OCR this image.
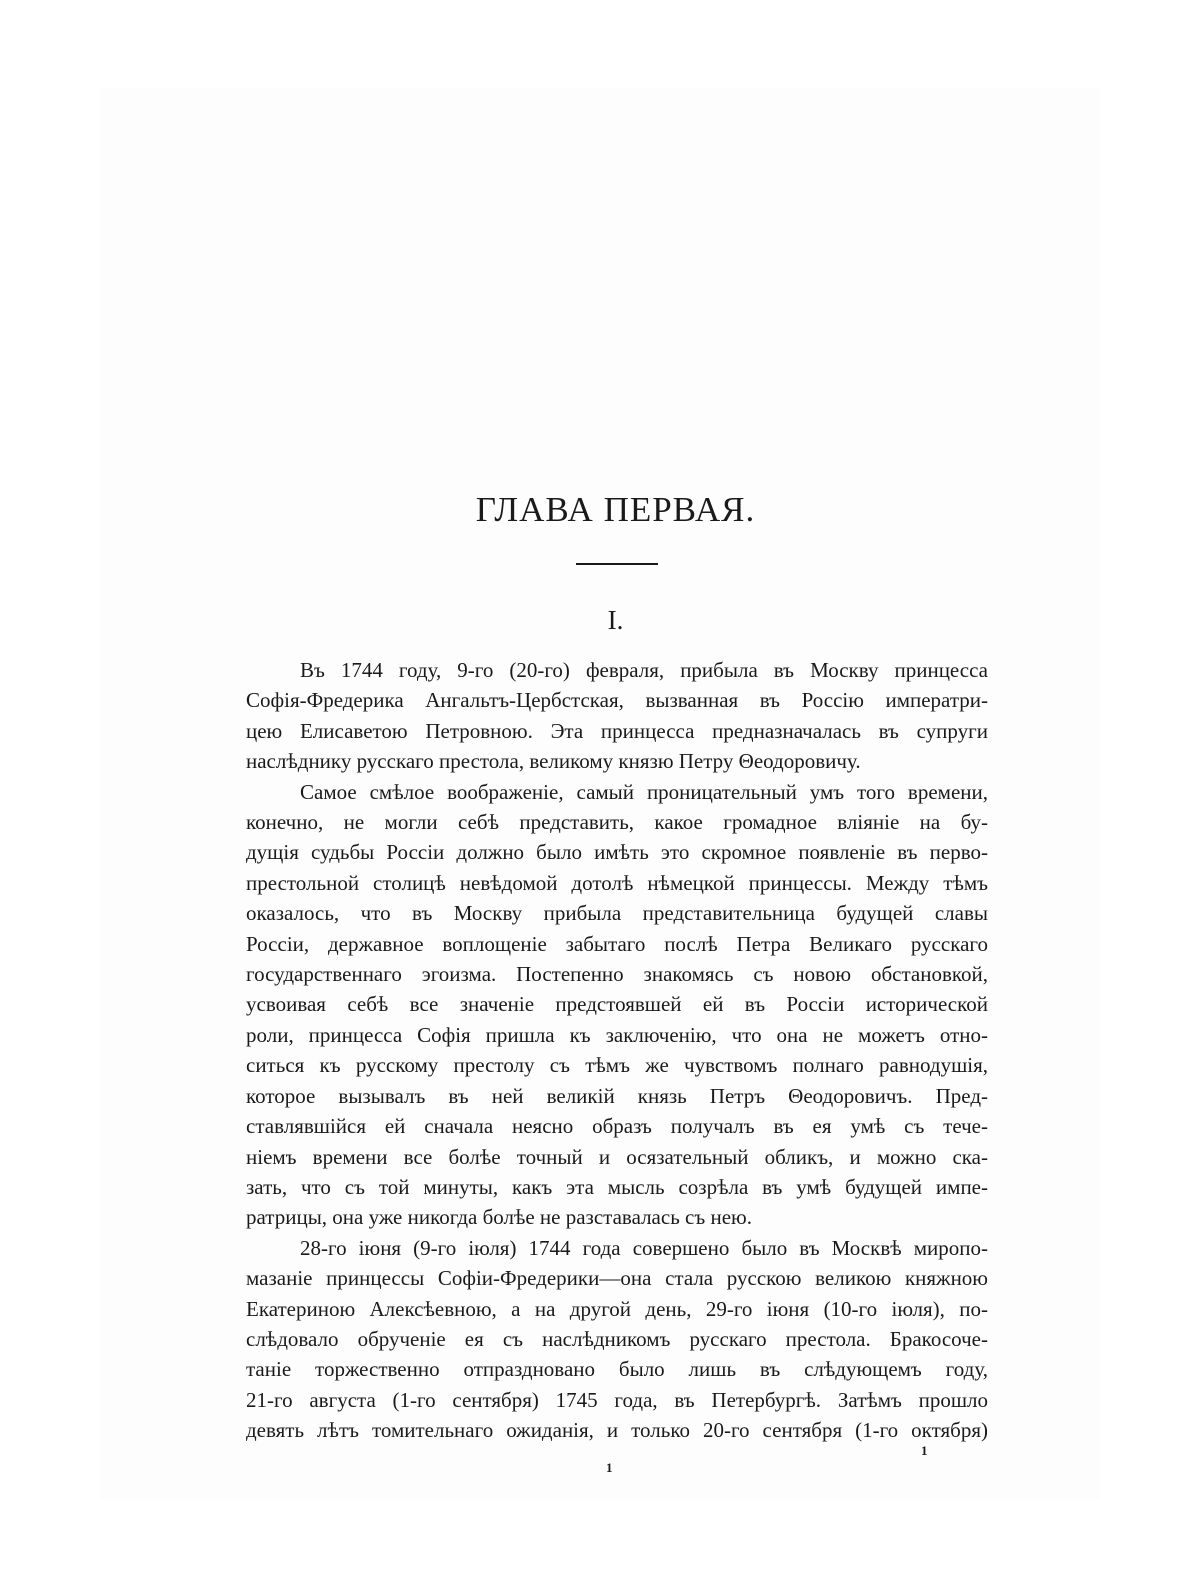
ГЛАВА ПЕРВАЯ.
I.

Въ 1744 году, 9-го (20-го) февраля, прибыла въ Москву принцесса
Софія-Фредерика Ангальтъ-Цербстская, вызванная въ Россію императри-
цею Елисаветою Петровною. Эта принцесса предназначалась въ супруги
наслѣднику русскаго престола, великому князю Петру Θеодоровичу.

Самое смѣлое воображеніе, самый проницательный умъ того времени,
конечно, не могли себѣ представить, какое громадное вліяніе на бу-
дущія судьбы Россіи должно было имѣть это скромное появленіе въ перво-
престольной столицѣ невѣдомой дотолѣ нѣмецкой принцессы. Между тѣмъ
оказалось, что въ Москву прибыла представительница будущей славы
Россіи, державное воплощеніе забытаго послѣ Петра Великаго русскаго
государственнаго эгоизма. Постепенно знакомясь съ новою обстановкой,
усвоивая себѣ все значеніе предстоявшей ей въ Россіи исторической
роли, принцесса Софія пришла къ заключенію, что она не можетъ отно-
ситься къ русскому престолу съ тѣмъ же чувствомъ полнаго равнодушія,
которое вызывалъ въ ней великій князь Петръ Θеодоровичъ. Пред-
ставлявшійся ей сначала неясно образъ получалъ въ ея умѣ съ тече-
ніемъ времени все болѣе точный и осязательный обликъ, и можно ска-
зать, что съ той минуты, какъ эта мысль созрѣла въ умѣ будущей импе-
ратрицы, она уже никогда болѣе не разставалась съ нею.

28-го іюня (9-го іюля) 1744 года совершено было въ Москвѣ миропо-
мазаніе принцессы Софіи-Фредерики—она стала русскою великою княжною
Екатериною Алексѣевною, а на другой день, 29-го іюня (10-го іюля), по-
слѣдовало обрученіе ея съ наслѣдникомъ русскаго престола. Бракосоче-
таніе торжественно отпраздновано было лишь въ слѣдующемъ году,
21-го августа (1-го сентября) 1745 года, въ Петербургѣ. Затѣмъ прошло
девять лѣтъ томительнаго ожиданія, и только 20-го сентября (1-го октября)

1
1
